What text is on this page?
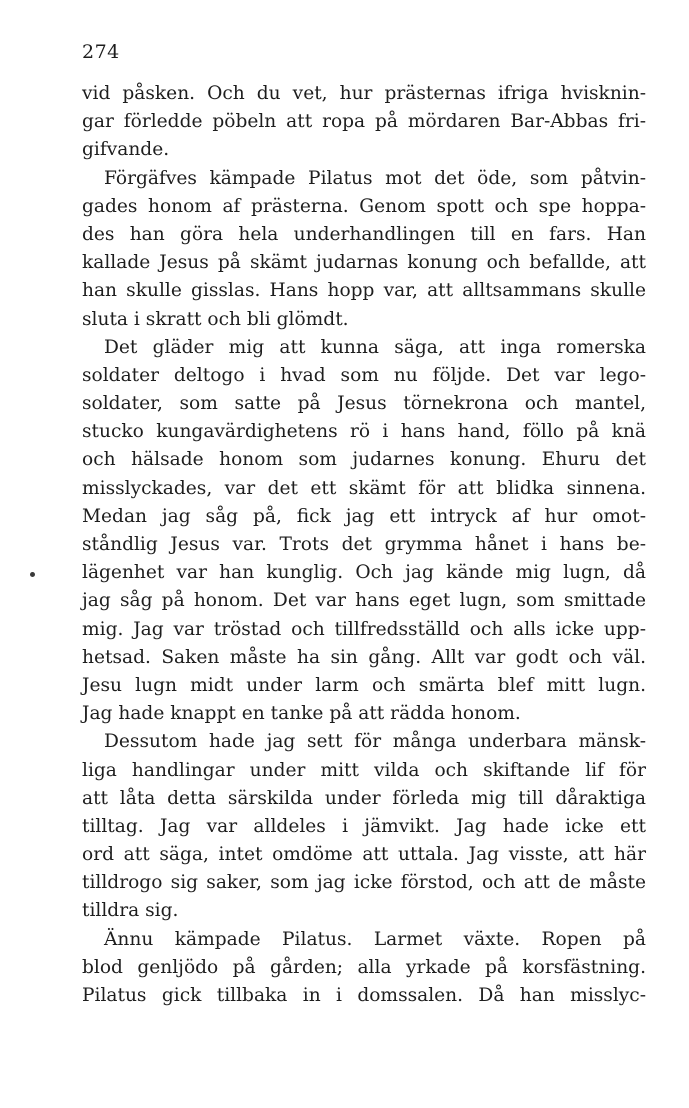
274
vid påsken. Och du vet, hur prästernas ifriga hvisknin-
gar förledde pöbeln att ropa på mördaren Bar-Abbas fri-
gifvande.
Förgäfves kämpade Pilatus mot det öde, som påtvin-
gades honom af prästerna. Genom spott och spe hoppa-
des han göra hela underhandlingen till en fars. Han
kallade Jesus på skämt judarnas konung och befallde, att
han skulle gisslas. Hans hopp var, att alltsammans skulle
sluta i skratt och bli glömdt.
Det gläder mig att kunna säga, att inga romerska
soldater deltogo i hvad som nu följde. Det var lego-
soldater, som satte på Jesus törnekrona och mantel,
stucko kungavärdighetens rö i hans hand, föllo på knä
och hälsade honom som judarnes konung. Ehuru det
misslyckades, var det ett skämt för att blidka sinnena.
Medan jag såg på, fick jag ett intryck af hur omot-
ståndlig Jesus var. Trots det grymma hånet i hans be-
lägenhet var han kunglig. Och jag kände mig lugn, då
jag såg på honom. Det var hans eget lugn, som smittade
mig. Jag var tröstad och tillfredsställd och alls icke upp-
hetsad. Saken måste ha sin gång. Allt var godt och väl.
Jesu lugn midt under larm och smärta blef mitt lugn.
Jag hade knappt en tanke på att rädda honom.
Dessutom hade jag sett för många underbara mänsk-
liga handlingar under mitt vilda och skiftande lif för
att låta detta särskilda under förleda mig till dåraktiga
tilltag. Jag var alldeles i jämvikt. Jag hade icke ett
ord att säga, intet omdöme att uttala. Jag visste, att här
tilldrogo sig saker, som jag icke förstod, och att de måste
tilldra sig.
Ännu kämpade Pilatus. Larmet växte. Ropen på
blod genljödo på gården; alla yrkade på korsfästning.
Pilatus gick tillbaka in i domssalen. Då han misslyc-
